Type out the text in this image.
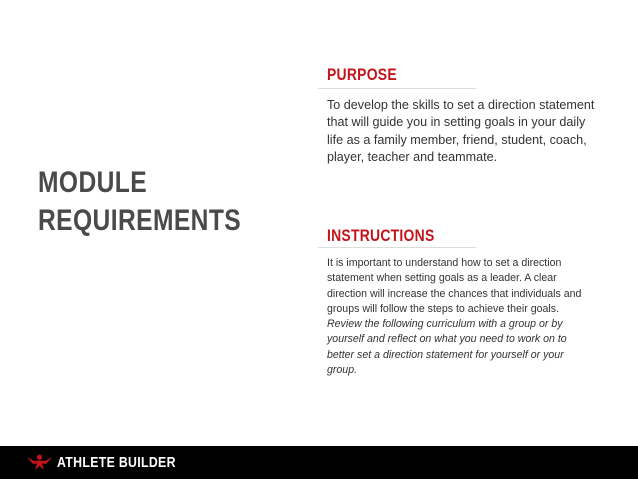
MODULE
REQUIREMENTS
PURPOSE

To develop the skills to set a direction statement that will guide you in setting goals in your daily life as a family member, friend, student, coach, player, teacher and teammate.

INSTRUCTIONS

It is important to understand how to set a direction statement when setting goals as a leader. A clear direction will increase the chances that individuals and groups will follow the steps to achieve their goals.

Review the following curriculum with a group or by yourself and reflect on what you need to work on to better set a direction statement for yourself or your group.

ATHLETE BUILDER
